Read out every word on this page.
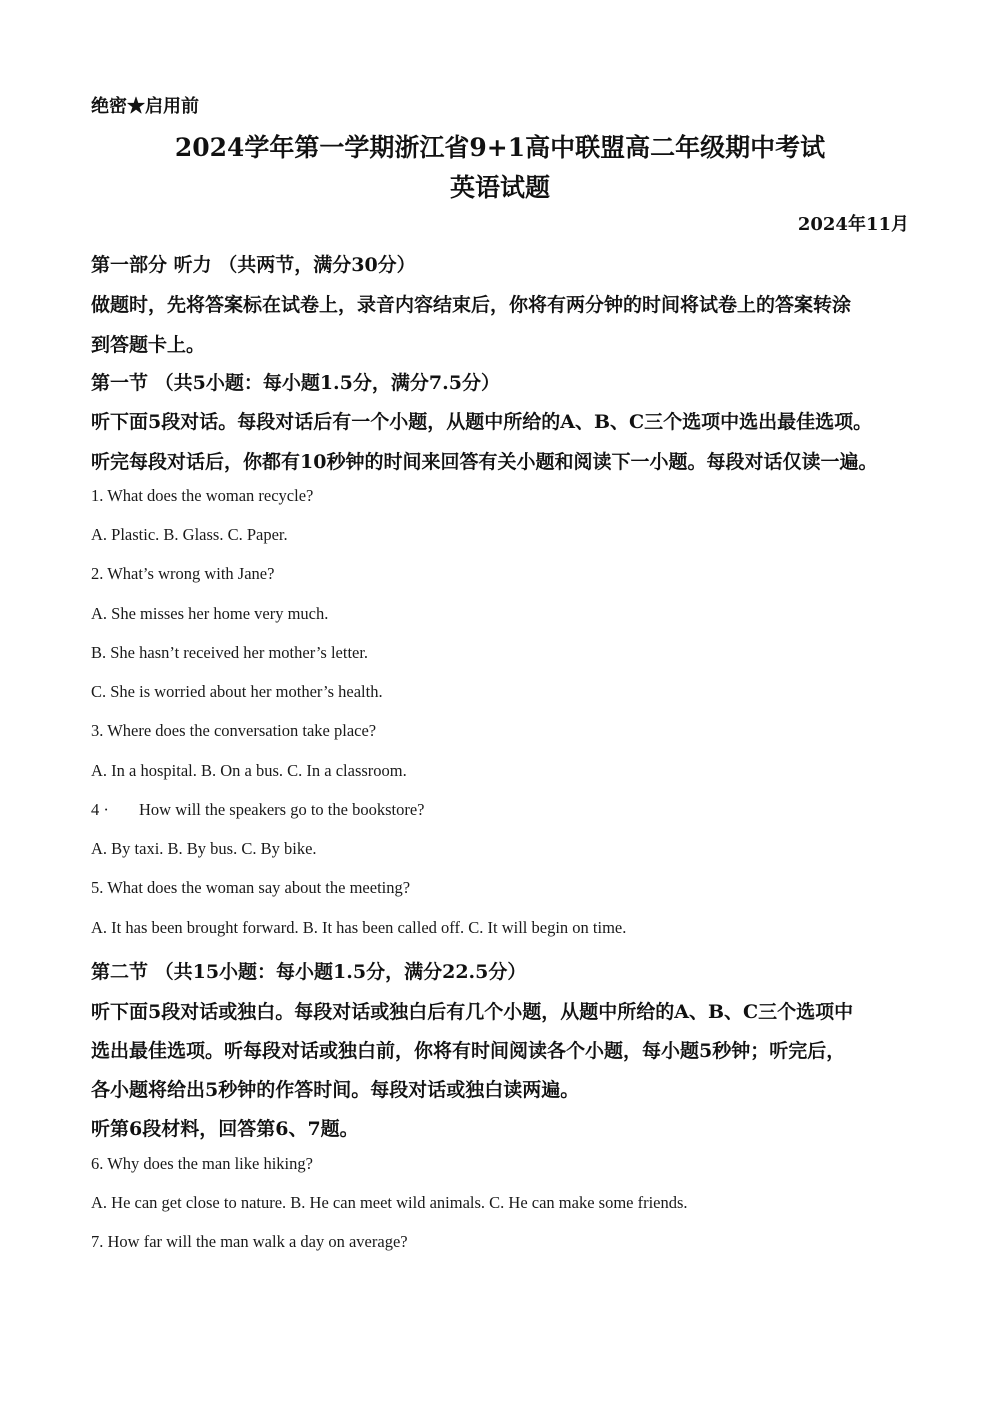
绝密★启用前
2024学年第一学期浙江省9+1高中联盟高二年级期中考试
英语试题
2024年11月
第一部分 听力 （共两节，满分30分）
做题时，先将答案标在试卷上，录音内容结束后，你将有两分钟的时间将试卷上的答案转涂
到答题卡上。
第一节 （共5小题：每小题1.5分，满分7.5分）
听下面5段对话。每段对话后有一个小题，从题中所给的A、B、C三个选项中选出最佳选项。
听完每段对话后，你都有10秒钟的时间来回答有关小题和阅读下一小题。每段对话仅读一遍。
1. What does the woman recycle?
A. Plastic. B. Glass. C. Paper.
2. What’s wrong with Jane?
A. She misses her home very much.
B. She hasn’t received her mother’s letter.
C. She is worried about her mother’s health.
3. Where does the conversation take place?
A. In a hospital. B. On a bus. C. In a classroom.
4 · How will the speakers go to the bookstore?
A. By taxi. B. By bus. C. By bike.
5. What does the woman say about the meeting?
A. It has been brought forward. B. It has been called off. C. It will begin on time.
第二节 （共15小题：每小题1.5分，满分22.5分）
听下面5段对话或独白。每段对话或独白后有几个小题，从题中所给的A、B、C三个选项中
选出最佳选项。听每段对话或独白前，你将有时间阅读各个小题，每小题5秒钟；听完后，
各小题将给出5秒钟的作答时间。每段对话或独白读两遍。
听第6段材料，回答第6、7题。
6. Why does the man like hiking?
A. He can get close to nature. B. He can meet wild animals. C. He can make some friends.
7. How far will the man walk a day on average?
